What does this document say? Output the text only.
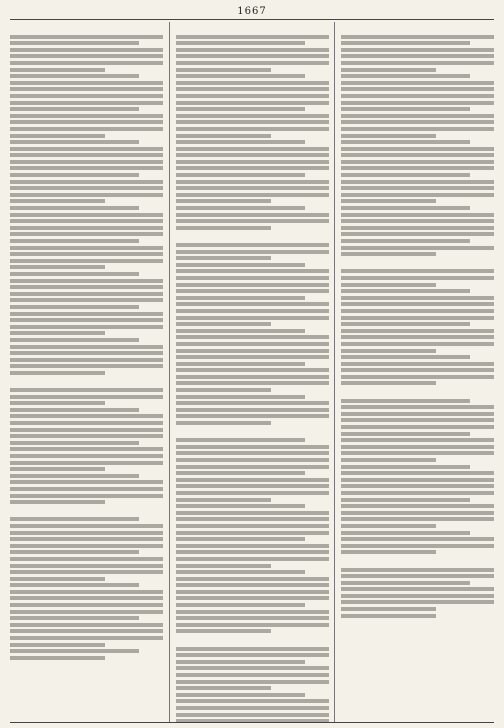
1667
